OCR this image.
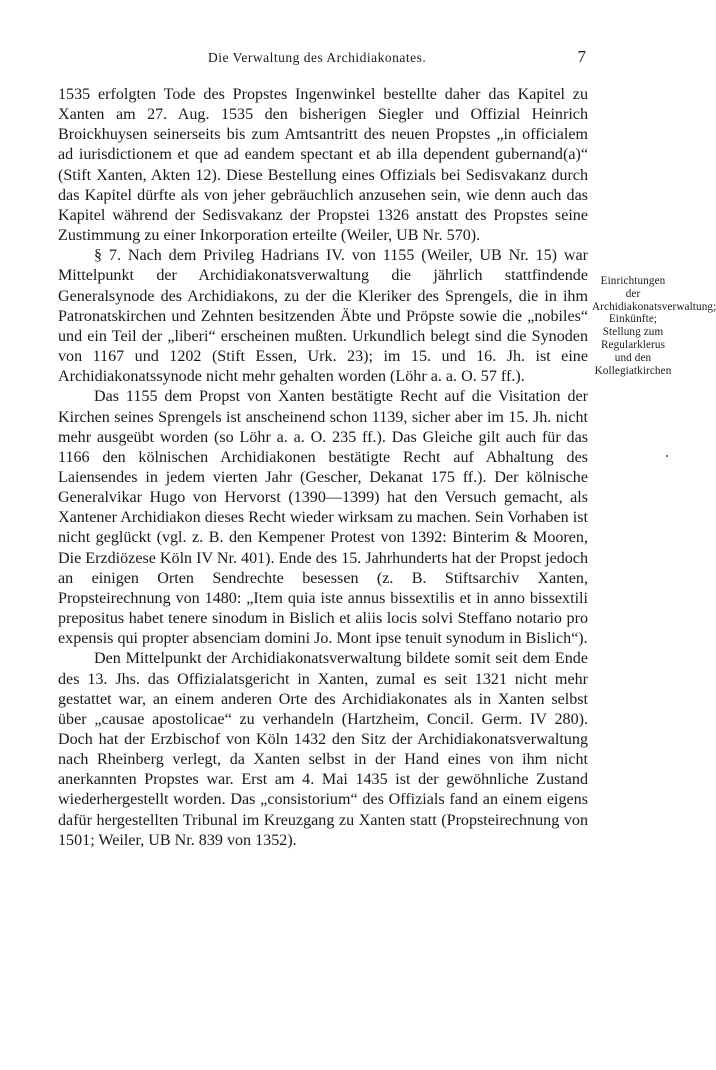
Die Verwaltung des Archidiakonates.	7

1535 erfolgten Tode des Propstes Ingenwinkel bestellte daher das Kapitel zu Xanten am 27. Aug. 1535 den bisherigen Siegler und Offizial Heinrich Broickhuysen seinerseits bis zum Amtsantritt des neuen Propstes „in officialem ad iurisdictionem et que ad eandem spectant et ab illa dependent gubernand(a)“ (Stift Xanten, Akten 12). Diese Bestellung eines Offizials bei Sedisvakanz durch das Kapitel dürfte als von jeher gebräuchlich anzusehen sein, wie denn auch das Kapitel während der Sedisvakanz der Propstei 1326 anstatt des Propstes seine Zustimmung zu einer Inkorporation erteilte (Weiler, UB Nr. 570).

§ 7. Nach dem Privileg Hadrians IV. von 1155 (Weiler, UB Nr. 15) war Mittelpunkt der Archidiakonatsverwaltung die jährlich stattfindende Generalsynode des Archidiakons, zu der die Kleriker des Sprengels, die in ihm Patronatskirchen und Zehnten besitzenden Äbte und Pröpste sowie die „nobiles“ und ein Teil der „liberi“ erscheinen mußten. Urkundlich belegt sind die Synoden von 1167 und 1202 (Stift Essen, Urk. 23); im 15. und 16. Jh. ist eine Archidiakonatssynode nicht mehr gehalten worden (Löhr a. a. O. 57 ff.).

Das 1155 dem Propst von Xanten bestätigte Recht auf die Visitation der Kirchen seines Sprengels ist anscheinend schon 1139, sicher aber im 15. Jh. nicht mehr ausgeübt worden (so Löhr a. a. O. 235 ff.). Das Gleiche gilt auch für das 1166 den kölnischen Archidiakonen bestätigte Recht auf Abhaltung des Laiensendes in jedem vierten Jahr (Gescher, Dekanat 175 ff.). Der kölnische Generalvikar Hugo von Hervorst (1390—1399) hat den Versuch gemacht, als Xantener Archidiakon dieses Recht wieder wirksam zu machen. Sein Vorhaben ist nicht geglückt (vgl. z. B. den Kempener Protest von 1392: Binterim & Mooren, Die Erzdiözese Köln IV Nr. 401). Ende des 15. Jahrhunderts hat der Propst jedoch an einigen Orten Sendrechte besessen (z. B. Stiftsarchiv Xanten, Propsteirechnung von 1480: „Item quia iste annus bissextilis et in anno bissextili prepositus habet tenere sinodum in Bislich et aliis locis solvi Steffano notario pro expensis qui propter absenciam domini Jo. Mont ipse tenuit synodum in Bislich“).

Den Mittelpunkt der Archidiakonatsverwaltung bildete somit seit dem Ende des 13. Jhs. das Offizialatsgericht in Xanten, zumal es seit 1321 nicht mehr gestattet war, an einem anderen Orte des Archidiakonates als in Xanten selbst über „causae apostolicae“ zu verhandeln (Hartzheim, Concil. Germ. IV 280). Doch hat der Erzbischof von Köln 1432 den Sitz der Archidiakonatsverwaltung nach Rheinberg verlegt, da Xanten selbst in der Hand eines von ihm nicht anerkannten Propstes war. Erst am 4. Mai 1435 ist der gewöhnliche Zustand wiederhergestellt worden. Das „consistorium“ des Offizials fand an einem eigens dafür hergestellten Tribunal im Kreuzgang zu Xanten statt (Propsteirechnung von 1501; Weiler, UB Nr. 839 von 1352).

Einrichtungen der Archidiakonatsverwaltung; Einkünfte; Stellung zum Regularklerus und den Kollegiatkirchen
